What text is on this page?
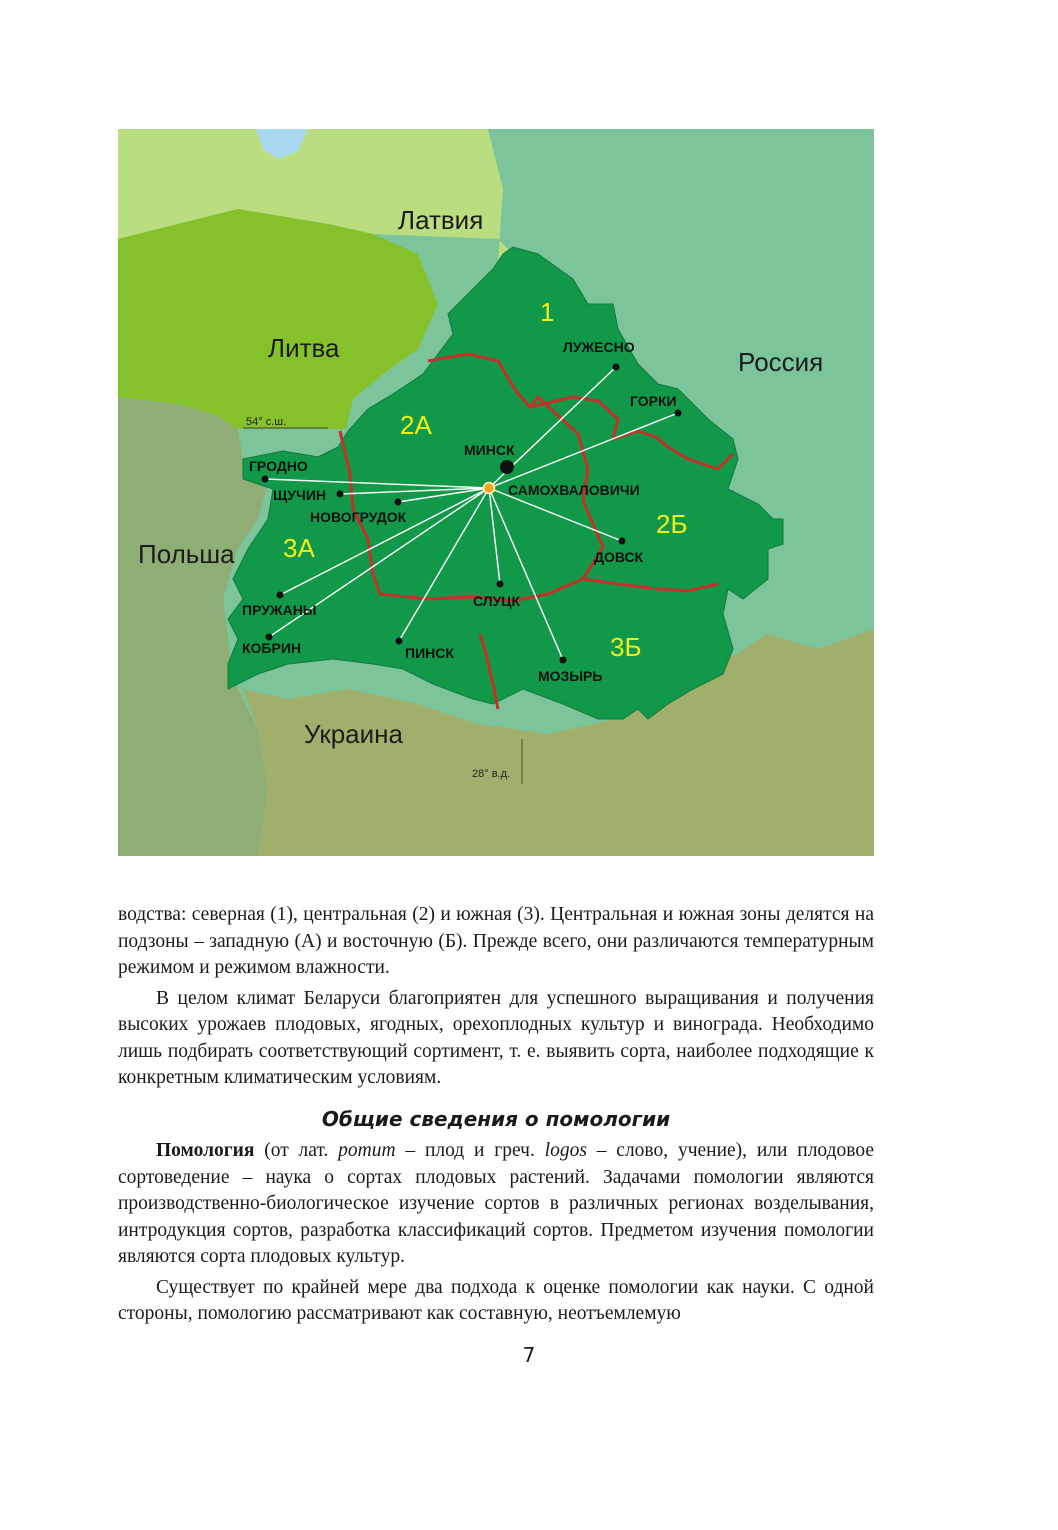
54° с.ш.
28° в.д.
Латвия
Литва	Россия
Польша
Украина
1
2А
2Б
3А
3Б
ЛУЖЕСНО
ГОРКИ
МИНСК
САМОХВАЛОВИЧИ
ГРОДНО
ЩУЧИН
НОВОГРУДОК
ДОВСК
ПРУЖАНЫ
КОБРИН
СЛУЦК
ПИНСК
МОЗЫРЬ

водства: северная (1), центральная (2) и южная (3). Центральная и южная зоны делятся на подзоны – западную (А) и восточную (Б). Прежде всего, они различаются температурным режимом и режимом влажности.

В целом климат Беларуси благоприятен для успешного выращивания и получения высоких урожаев плодовых, ягодных, орехоплодных культур и винограда. Необходимо лишь подбирать соответствующий сортимент, т. е. выявить сорта, наиболее подходящие к конкретным климатическим условиям.

Общие сведения о помологии

Помология (от лат. pomum – плод и греч. logos – слово, учение), или плодовое сортоведение – наука о сортах плодовых растений. Задачами помологии являются производственно-биологическое изучение сортов в различных регионах возделывания, интродукция сортов, разработка классификаций сортов. Предметом изучения помологии являются сорта плодовых культур.

Существует по крайней мере два подхода к оценке помологии как науки. С одной стороны, помологию рассматривают как составную, неотъемлемую

7
